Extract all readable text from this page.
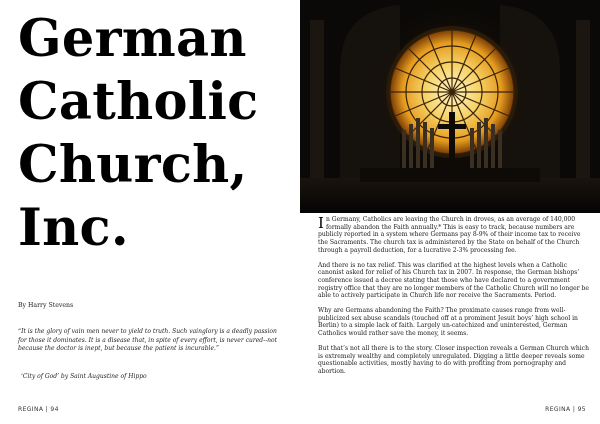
German
Catholic
Church,
Inc.
By Harry Stevens

“It is the glory of vain men never to yield to truth. Such vainglory is a deadly passion for those it dominates. It is a disease that, in spite of every effort, is never cured--not because the doctor is inept, but because the patient is incurable.”

‘City of God’ by Saint Augustine of Hippo
REGINA | 94

In Germany, Catholics are leaving the Church in droves, as an average of 140,000 formally abandon the Faith annually.* This is easy to track, because numbers are publicly reported in a system where Germans pay 8-9% of their income tax to receive the Sacraments. The church tax is administered by the State on behalf of the Church through a payroll deduction, for a lucrative 2-3% processing fee.

And there is no tax relief. This was clarified at the highest levels when a Catholic canonist asked for relief of his Church tax in 2007. In response, the German bishops’ conference issued a decree stating that those who have declared to a government registry office that they are no longer members of the Catholic Church will no longer be able to actively participate in Church life nor receive the Sacraments. Period.

Why are Germans abandoning the Faith? The proximate causes range from well-publicized sex abuse scandals (touched off at a prominent Jesuit boys’ high school in Berlin) to a simple lack of faith. Largely un-catechized and uninterested, German Catholics would rather save the money, it seems.

But that’s not all there is to the story. Closer inspection reveals a German Church which is extremely wealthy and completely unregulated. Digging a little deeper reveals some questionable activities, mostly having to do with profiting from pornography and abortion.

REGINA | 95
